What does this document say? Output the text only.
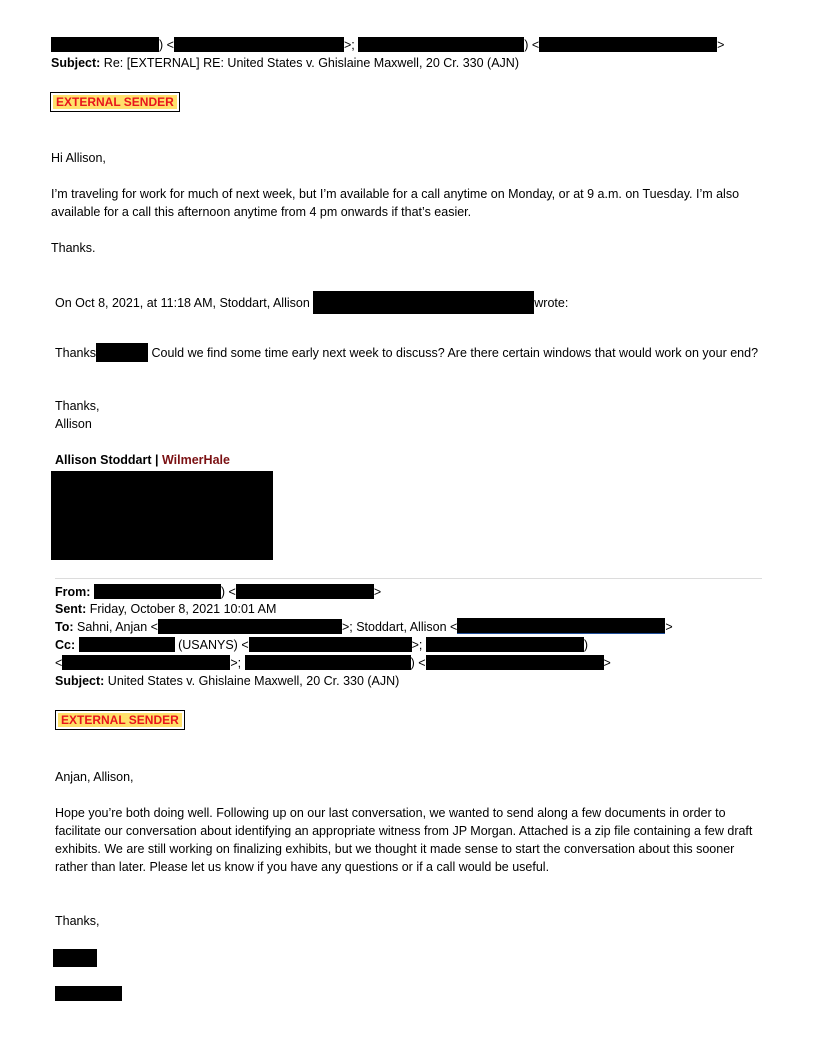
) <	>;	) <	>
Subject: Re: [EXTERNAL] RE: United States v. Ghislaine Maxwell, 20 Cr. 330 (AJN)
EXTERNAL SENDER
Hi Allison,
I’m traveling for work for much of next week, but I’m available for a call anytime on Monday, or at 9 a.m. on Tuesday. I’m also available for a call this afternoon anytime from 4 pm onwards if that’s easier.
Thanks.
On Oct 8, 2021, at 11:18 AM, Stoddart, Allison	wrote:
Thanks	Could we find some time early next week to discuss? Are there certain windows that would work on your end?
Thanks,
Allison
Allison Stoddart | WilmerHale
From:	) <	>
Sent: Friday, October 8, 2021 10:01 AM
To: Sahni, Anjan <	>; Stoddart, Allison <	>
Cc:	(USANYS) <	>;	)
<	>;	) <	>
Subject: United States v. Ghislaine Maxwell, 20 Cr. 330 (AJN)
EXTERNAL SENDER
Anjan, Allison,
Hope you’re both doing well. Following up on our last conversation, we wanted to send along a few documents in order to facilitate our conversation about identifying an appropriate witness from JP Morgan. Attached is a zip file containing a few draft exhibits. We are still working on finalizing exhibits, but we thought it made sense to start the conversation about this sooner rather than later. Please let us know if you have any questions or if a call would be useful.
Thanks,
